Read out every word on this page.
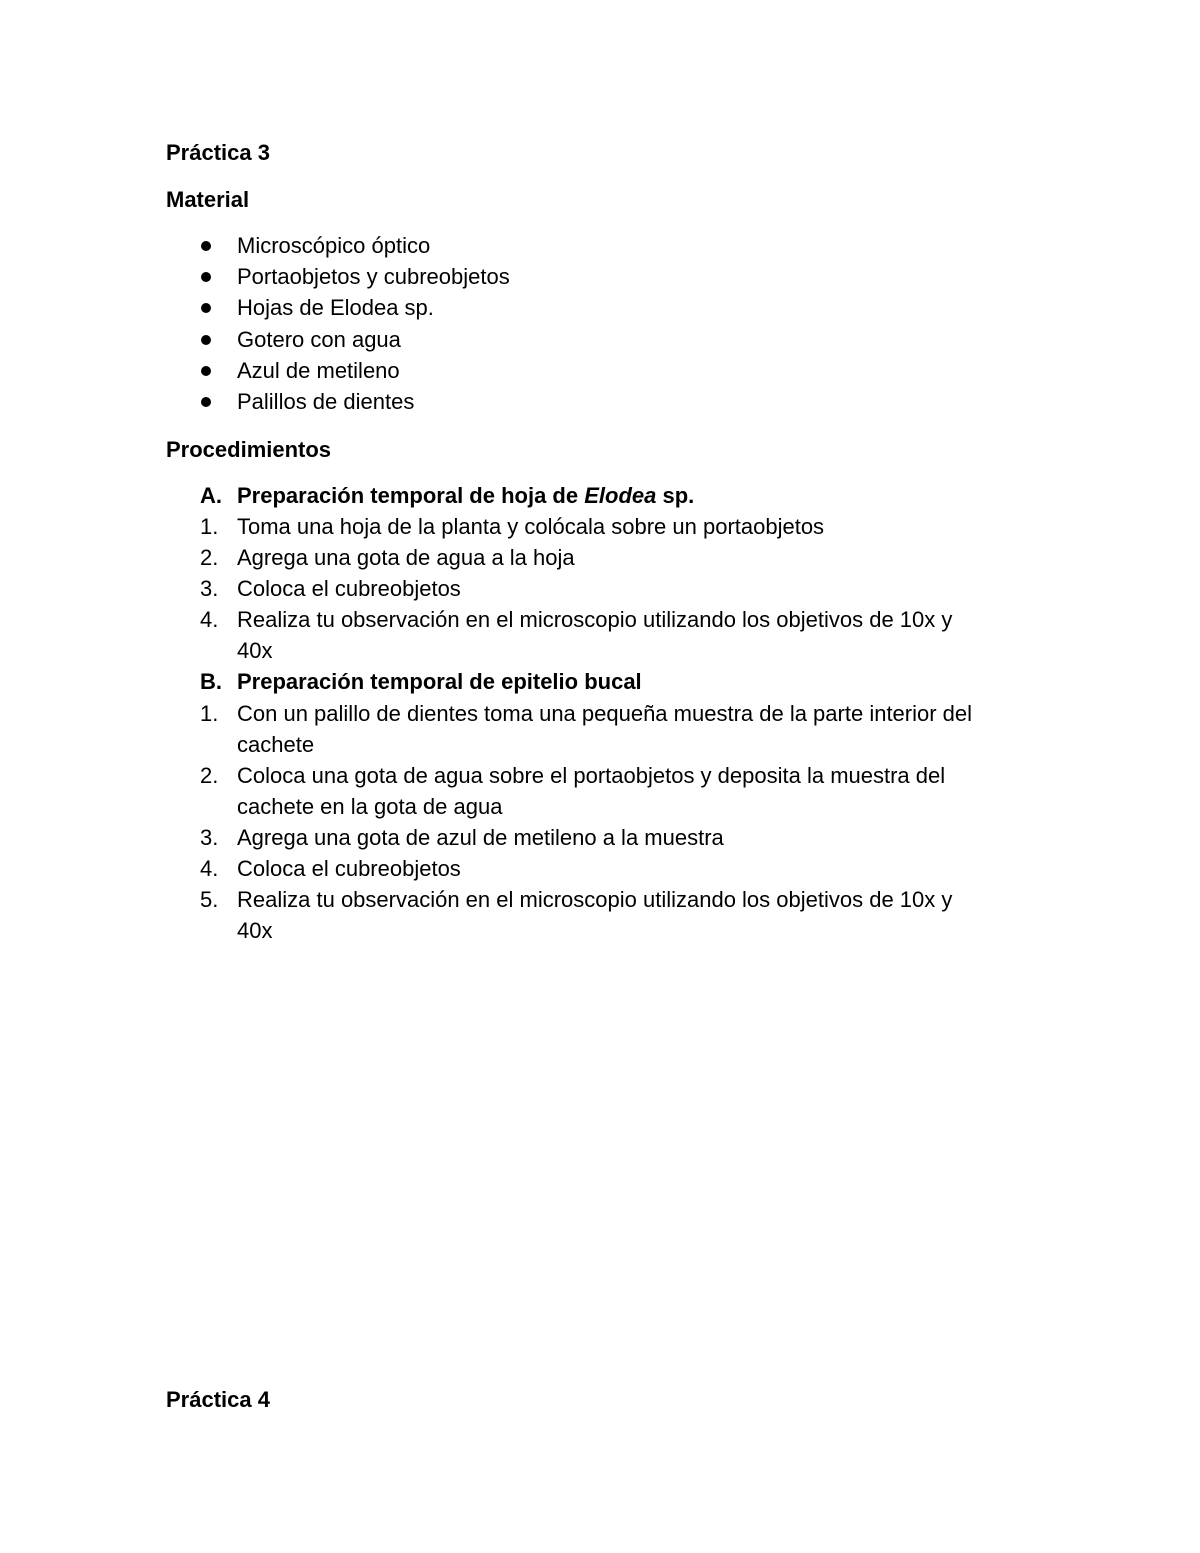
Práctica 3
Material
Microscópico óptico
Portaobjetos y cubreobjetos
Hojas de Elodea sp.
Gotero con agua
Azul de metileno
Palillos de dientes
Procedimientos
A. Preparación temporal de hoja de Elodea sp.
1. Toma una hoja de la planta y colócala sobre un portaobjetos
2. Agrega una gota de agua a la hoja
3. Coloca el cubreobjetos
4. Realiza tu observación en el microscopio utilizando los objetivos de 10x y
40x
B. Preparación temporal de epitelio bucal
1. Con un palillo de dientes toma una pequeña muestra de la parte interior del
cachete
2. Coloca una gota de agua sobre el portaobjetos y deposita la muestra del
cachete en la gota de agua
3. Agrega una gota de azul de metileno a la muestra
4. Coloca el cubreobjetos
5. Realiza tu observación en el microscopio utilizando los objetivos de 10x y
40x
Práctica 4
